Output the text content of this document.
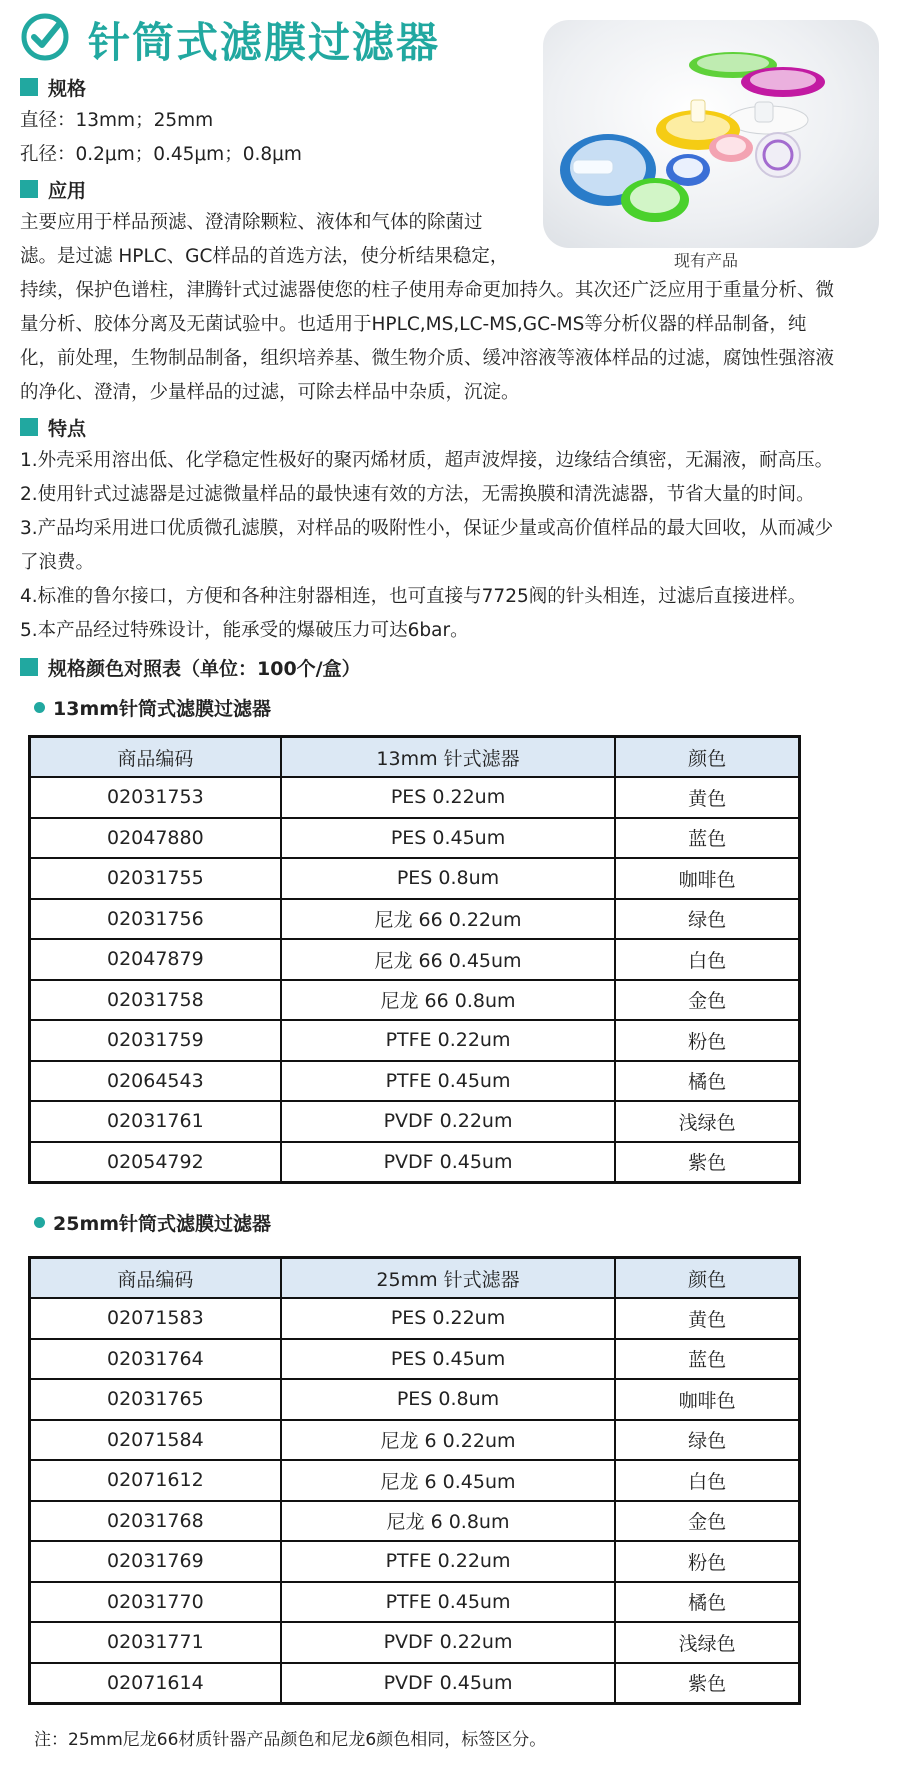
针筒式滤膜过滤器
现有产品
规格
直径：13mm；25mm
孔径：0.2μm；0.45μm；0.8μm
应用
主要应用于样品预滤、澄清除颗粒、液体和气体的除菌过
滤。是过滤 HPLC、GC样品的首选方法，使分析结果稳定，
持续，保护色谱柱，津腾针式过滤器使您的柱子使用寿命更加持久。其次还广泛应用于重量分析、微
量分析、胶体分离及无菌试验中。也适用于HPLC,MS,LC-MS,GC-MS等分析仪器的样品制备，纯
化，前处理，生物制品制备，组织培养基、微生物介质、缓冲溶液等液体样品的过滤，腐蚀性强溶液
的净化、澄清，少量样品的过滤，可除去样品中杂质，沉淀。
特点
1.外壳采用溶出低、化学稳定性极好的聚丙烯材质，超声波焊接，边缘结合缜密，无漏液，耐高压。
2.使用针式过滤器是过滤微量样品的最快速有效的方法，无需换膜和清洗滤器，节省大量的时间。
3.产品均采用进口优质微孔滤膜，对样品的吸附性小，保证少量或高价值样品的最大回收，从而减少
了浪费。
4.标准的鲁尔接口，方便和各种注射器相连，也可直接与7725阀的针头相连，过滤后直接进样。
5.本产品经过特殊设计，能承受的爆破压力可达6bar。
规格颜色对照表（单位：100个/盒）
13mm针筒式滤膜过滤器
商品编码	13mm 针式滤器	颜色
02031753	PES 0.22um	黄色
02047880	PES 0.45um	蓝色
02031755	PES 0.8um	咖啡色
02031756	尼龙 66 0.22um	绿色
02047879	尼龙 66 0.45um	白色
02031758	尼龙 66 0.8um	金色
02031759	PTFE 0.22um	粉色
02064543	PTFE 0.45um	橘色
02031761	PVDF 0.22um	浅绿色
02054792	PVDF 0.45um	紫色
25mm针筒式滤膜过滤器
商品编码	25mm 针式滤器	颜色
02071583	PES 0.22um	黄色
02031764	PES 0.45um	蓝色
02031765	PES 0.8um	咖啡色
02071584	尼龙 6 0.22um	绿色
02071612	尼龙 6 0.45um	白色
02031768	尼龙 6 0.8um	金色
02031769	PTFE 0.22um	粉色
02031770	PTFE 0.45um	橘色
02031771	PVDF 0.22um	浅绿色
02071614	PVDF 0.45um	紫色
注：25mm尼龙66材质针器产品颜色和尼龙6颜色相同，标签区分。
